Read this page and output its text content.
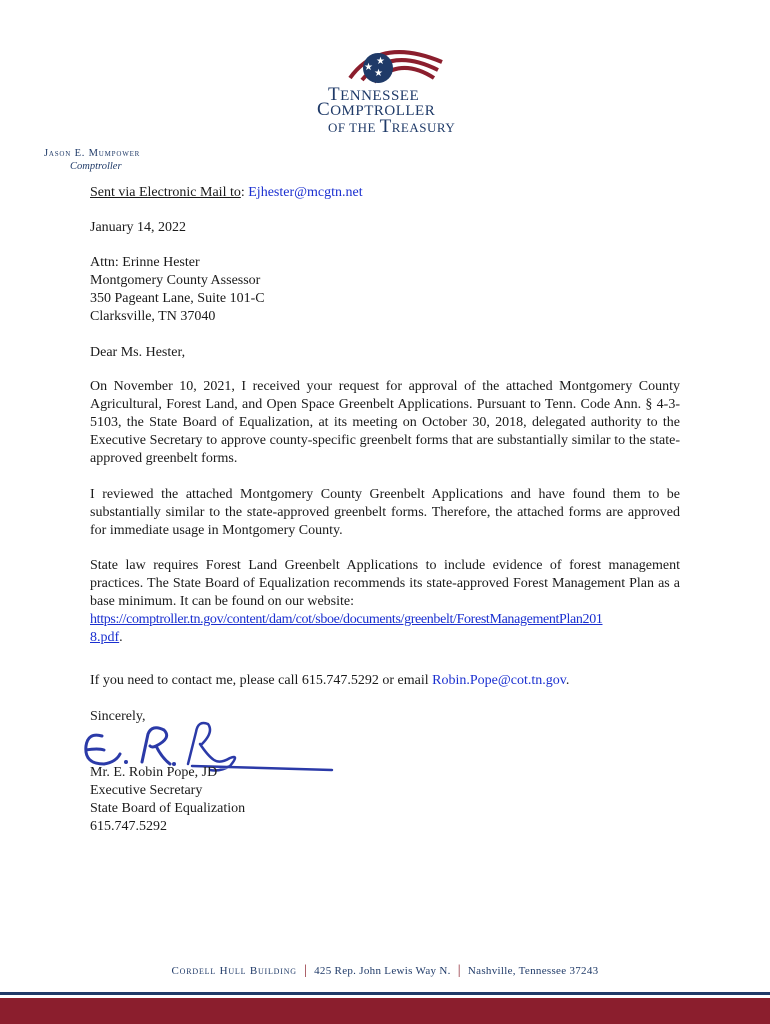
★
★
★
TENNESSEE
COMPTROLLER
OF THE TREASURY
Jason E. Mumpower
Comptroller
Sent via Electronic Mail to: Ejhester@mcgtn.net
January 14, 2022
Attn: Erinne Hester
Montgomery County Assessor
350 Pageant Lane, Suite 101-C
Clarksville, TN 37040
Dear Ms. Hester,
On November 10, 2021, I received your request for approval of the attached Montgomery County Agricultural, Forest Land, and Open Space Greenbelt Applications. Pursuant to Tenn. Code Ann. § 4-3-5103, the State Board of Equalization, at its meeting on October 30, 2018, delegated authority to the Executive Secretary to approve county-specific greenbelt forms that are substantially similar to the state-approved greenbelt forms.
I reviewed the attached Montgomery County Greenbelt Applications and have found them to be substantially similar to the state-approved greenbelt forms. Therefore, the attached forms are approved for immediate usage in Montgomery County.
State law requires Forest Land Greenbelt Applications to include evidence of forest management practices. The State Board of Equalization recommends its state-approved Forest Management Plan as a base minimum. It can be found on our website:
https://comptroller.tn.gov/content/dam/cot/sboe/documents/greenbelt/ForestManagementPlan201
8.pdf.
If you need to contact me, please call 615.747.5292 or email Robin.Pope@cot.tn.gov.
Sincerely,
Mr. E. Robin Pope, JD
Executive Secretary
State Board of Equalization
615.747.5292
Cordell Hull Building | 425 Rep. John Lewis Way N. | Nashville, Tennessee 37243
